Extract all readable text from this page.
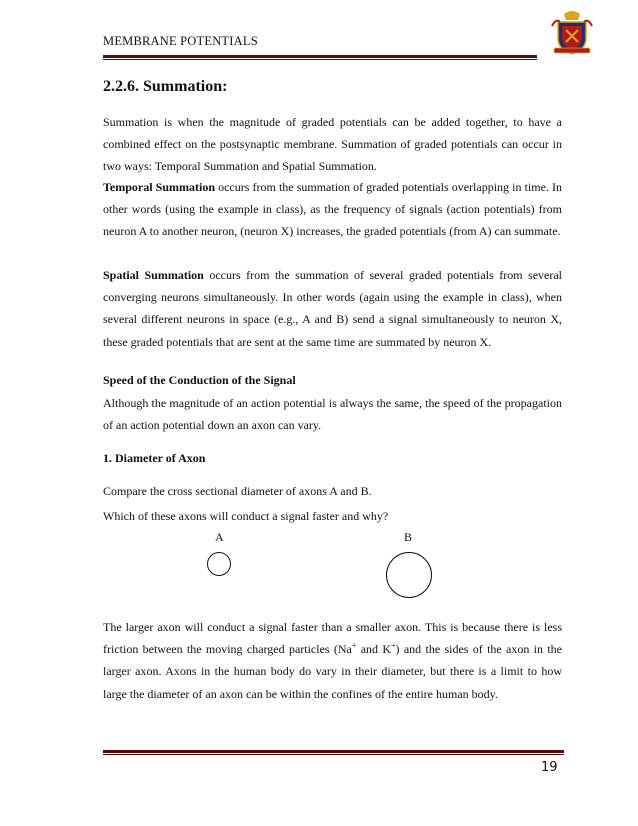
MEMBRANE POTENTIALS
2.2.6. Summation:
Summation is when the magnitude of graded potentials can be added together, to have a combined effect on the postsynaptic membrane. Summation of graded potentials can occur in two ways: Temporal Summation and Spatial Summation.
Temporal Summation occurs from the summation of graded potentials overlapping in time. In other words (using the example in class), as the frequency of signals (action potentials) from neuron A to another neuron, (neuron X) increases, the graded potentials (from A) can summate.
Spatial Summation occurs from the summation of several graded potentials from several converging neurons simultaneously. In other words (again using the example in class), when several different neurons in space (e.g., A and B) send a signal simultaneously to neuron X, these graded potentials that are sent at the same time are summated by neuron X.
Speed of the Conduction of the Signal
Although the magnitude of an action potential is always the same, the speed of the propagation of an action potential down an axon can vary.
1. Diameter of Axon
Compare the cross sectional diameter of axons A and B.
Which of these axons will conduct a signal faster and why?
A	B
The larger axon will conduct a signal faster than a smaller axon. This is because there is less friction between the moving charged particles (Na+ and K+) and the sides of the axon in the larger axon. Axons in the human body do vary in their diameter, but there is a limit to how large the diameter of an axon can be within the confines of the entire human body.
19
